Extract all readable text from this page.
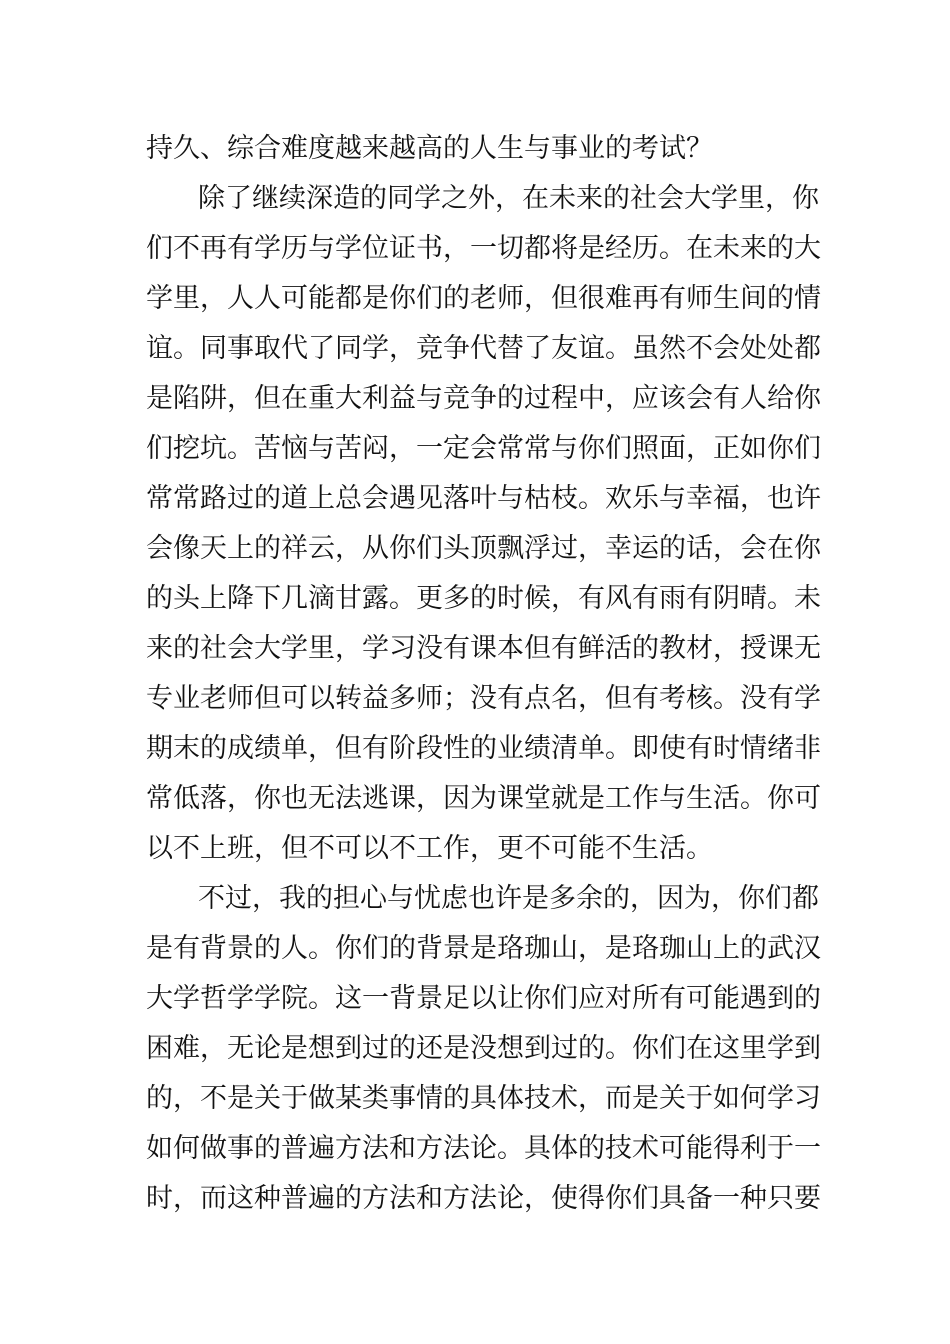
持久、综合难度越来越高的人生与事业的考试？
除了继续深造的同学之外，在未来的社会大学里，你
们不再有学历与学位证书，一切都将是经历。在未来的大
学里，人人可能都是你们的老师，但很难再有师生间的情
谊。同事取代了同学，竞争代替了友谊。虽然不会处处都
是陷阱，但在重大利益与竞争的过程中，应该会有人给你
们挖坑。苦恼与苦闷，一定会常常与你们照面，正如你们
常常路过的道上总会遇见落叶与枯枝。欢乐与幸福，也许
会像天上的祥云，从你们头顶飘浮过，幸运的话，会在你
的头上降下几滴甘露。更多的时候，有风有雨有阴晴。未
来的社会大学里，学习没有课本但有鲜活的教材，授课无
专业老师但可以转益多师；没有点名，但有考核。没有学
期末的成绩单，但有阶段性的业绩清单。即使有时情绪非
常低落，你也无法逃课，因为课堂就是工作与生活。你可
以不上班，但不可以不工作，更不可能不生活。
不过，我的担心与忧虑也许是多余的，因为，你们都
是有背景的人。你们的背景是珞珈山，是珞珈山上的武汉
大学哲学学院。这一背景足以让你们应对所有可能遇到的
困难，无论是想到过的还是没想到过的。你们在这里学到
的，不是关于做某类事情的具体技术，而是关于如何学习
如何做事的普遍方法和方法论。具体的技术可能得利于一
时，而这种普遍的方法和方法论，使得你们具备一种只要
